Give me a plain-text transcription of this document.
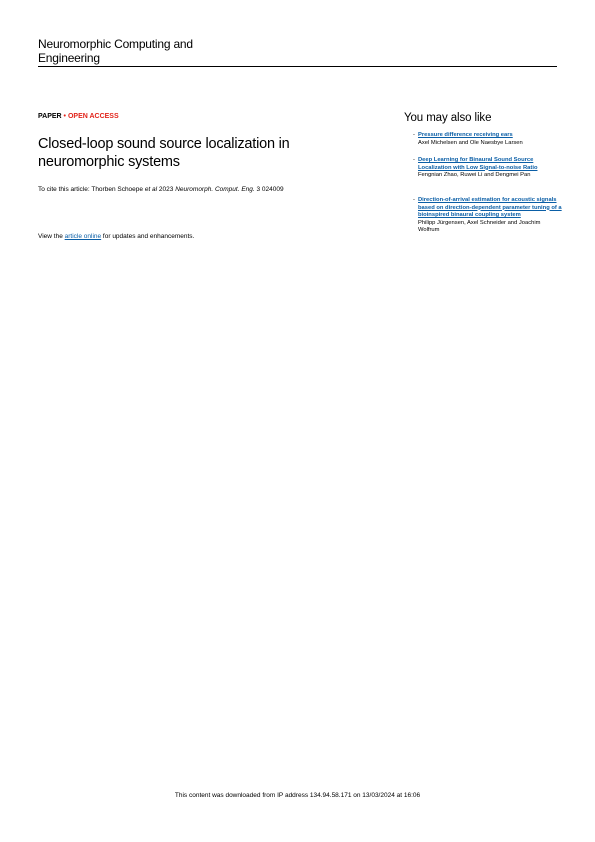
Neuromorphic Computing and
Engineering
PAPER • OPEN ACCESS
Closed-loop sound source localization in neuromorphic systems
To cite this article: Thorben Schoepe et al 2023 Neuromorph. Comput. Eng. 3 024009
View the article online for updates and enhancements.
You may also like
- Pressure difference receiving ears
Axel Michelsen and Ole Naesbye Larsen
- Deep Learning for Binaural Sound Source Localization with Low Signal-to-noise Ratio
Fengnian Zhao, Ruwei Li and Dengmei Pan
- Direction-of-arrival estimation for acoustic signals based on direction-dependent parameter tuning of a bioinspired binaural coupling system
Philipp Jürgensen, Axel Schneider and Joachim Wolfrum
This content was downloaded from IP address 134.94.58.171 on 13/03/2024 at 16:06
